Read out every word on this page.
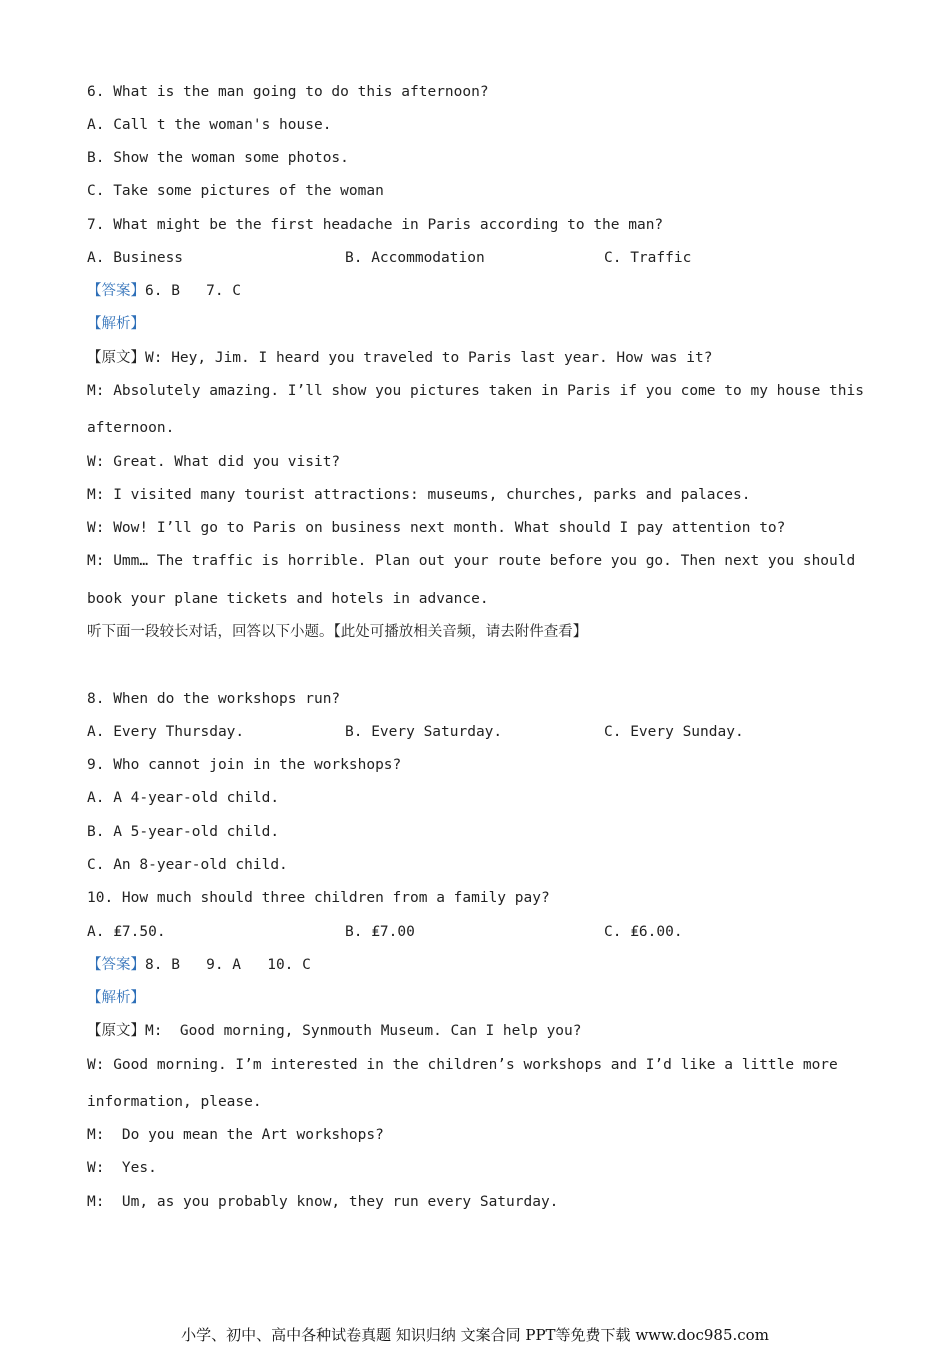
6. What is the man going to do this afternoon?
A. Call t the woman's house.
B. Show the woman some photos.
C. Take some pictures of the woman
7. What might be the first headache in Paris according to the man?
A. Business	B. Accommodation	C. Traffic
【答案】6. B   7. C
【解析】
【原文】W: Hey, Jim. I heard you traveled to Paris last year. How was it?
M: Absolutely amazing. I’ll show you pictures taken in Paris if you come to my house this
afternoon.
W: Great. What did you visit?
M: I visited many tourist attractions: museums, churches, parks and palaces.
W: Wow! I’ll go to Paris on business next month. What should I pay attention to?
M: Umm… The traffic is horrible. Plan out your route before you go. Then next you should
book your plane tickets and hotels in advance.
听下面一段较长对话，回答以下小题。【此处可播放相关音频，请去附件查看】
8. When do the workshops run?
A. Every Thursday.	B. Every Saturday.	C. Every Sunday.
9. Who cannot join in the workshops?
A. A 4-year-old child.
B. A 5-year-old child.
C. An 8-year-old child.
10. How much should three children from a family pay?
A. ₤7.50.	B. ₤7.00	C. ₤6.00.
【答案】8. B   9. A   10. C
【解析】
【原文】M:  Good morning, Synmouth Museum. Can I help you?
W: Good morning. I’m interested in the children’s workshops and I’d like a little more
information, please.
M:  Do you mean the Art workshops?
W:  Yes.
M:  Um, as you probably know, they run every Saturday.
小学、初中、高中各种试卷真题 知识归纳 文案合同 PPT等免费下载 www.doc985.com
